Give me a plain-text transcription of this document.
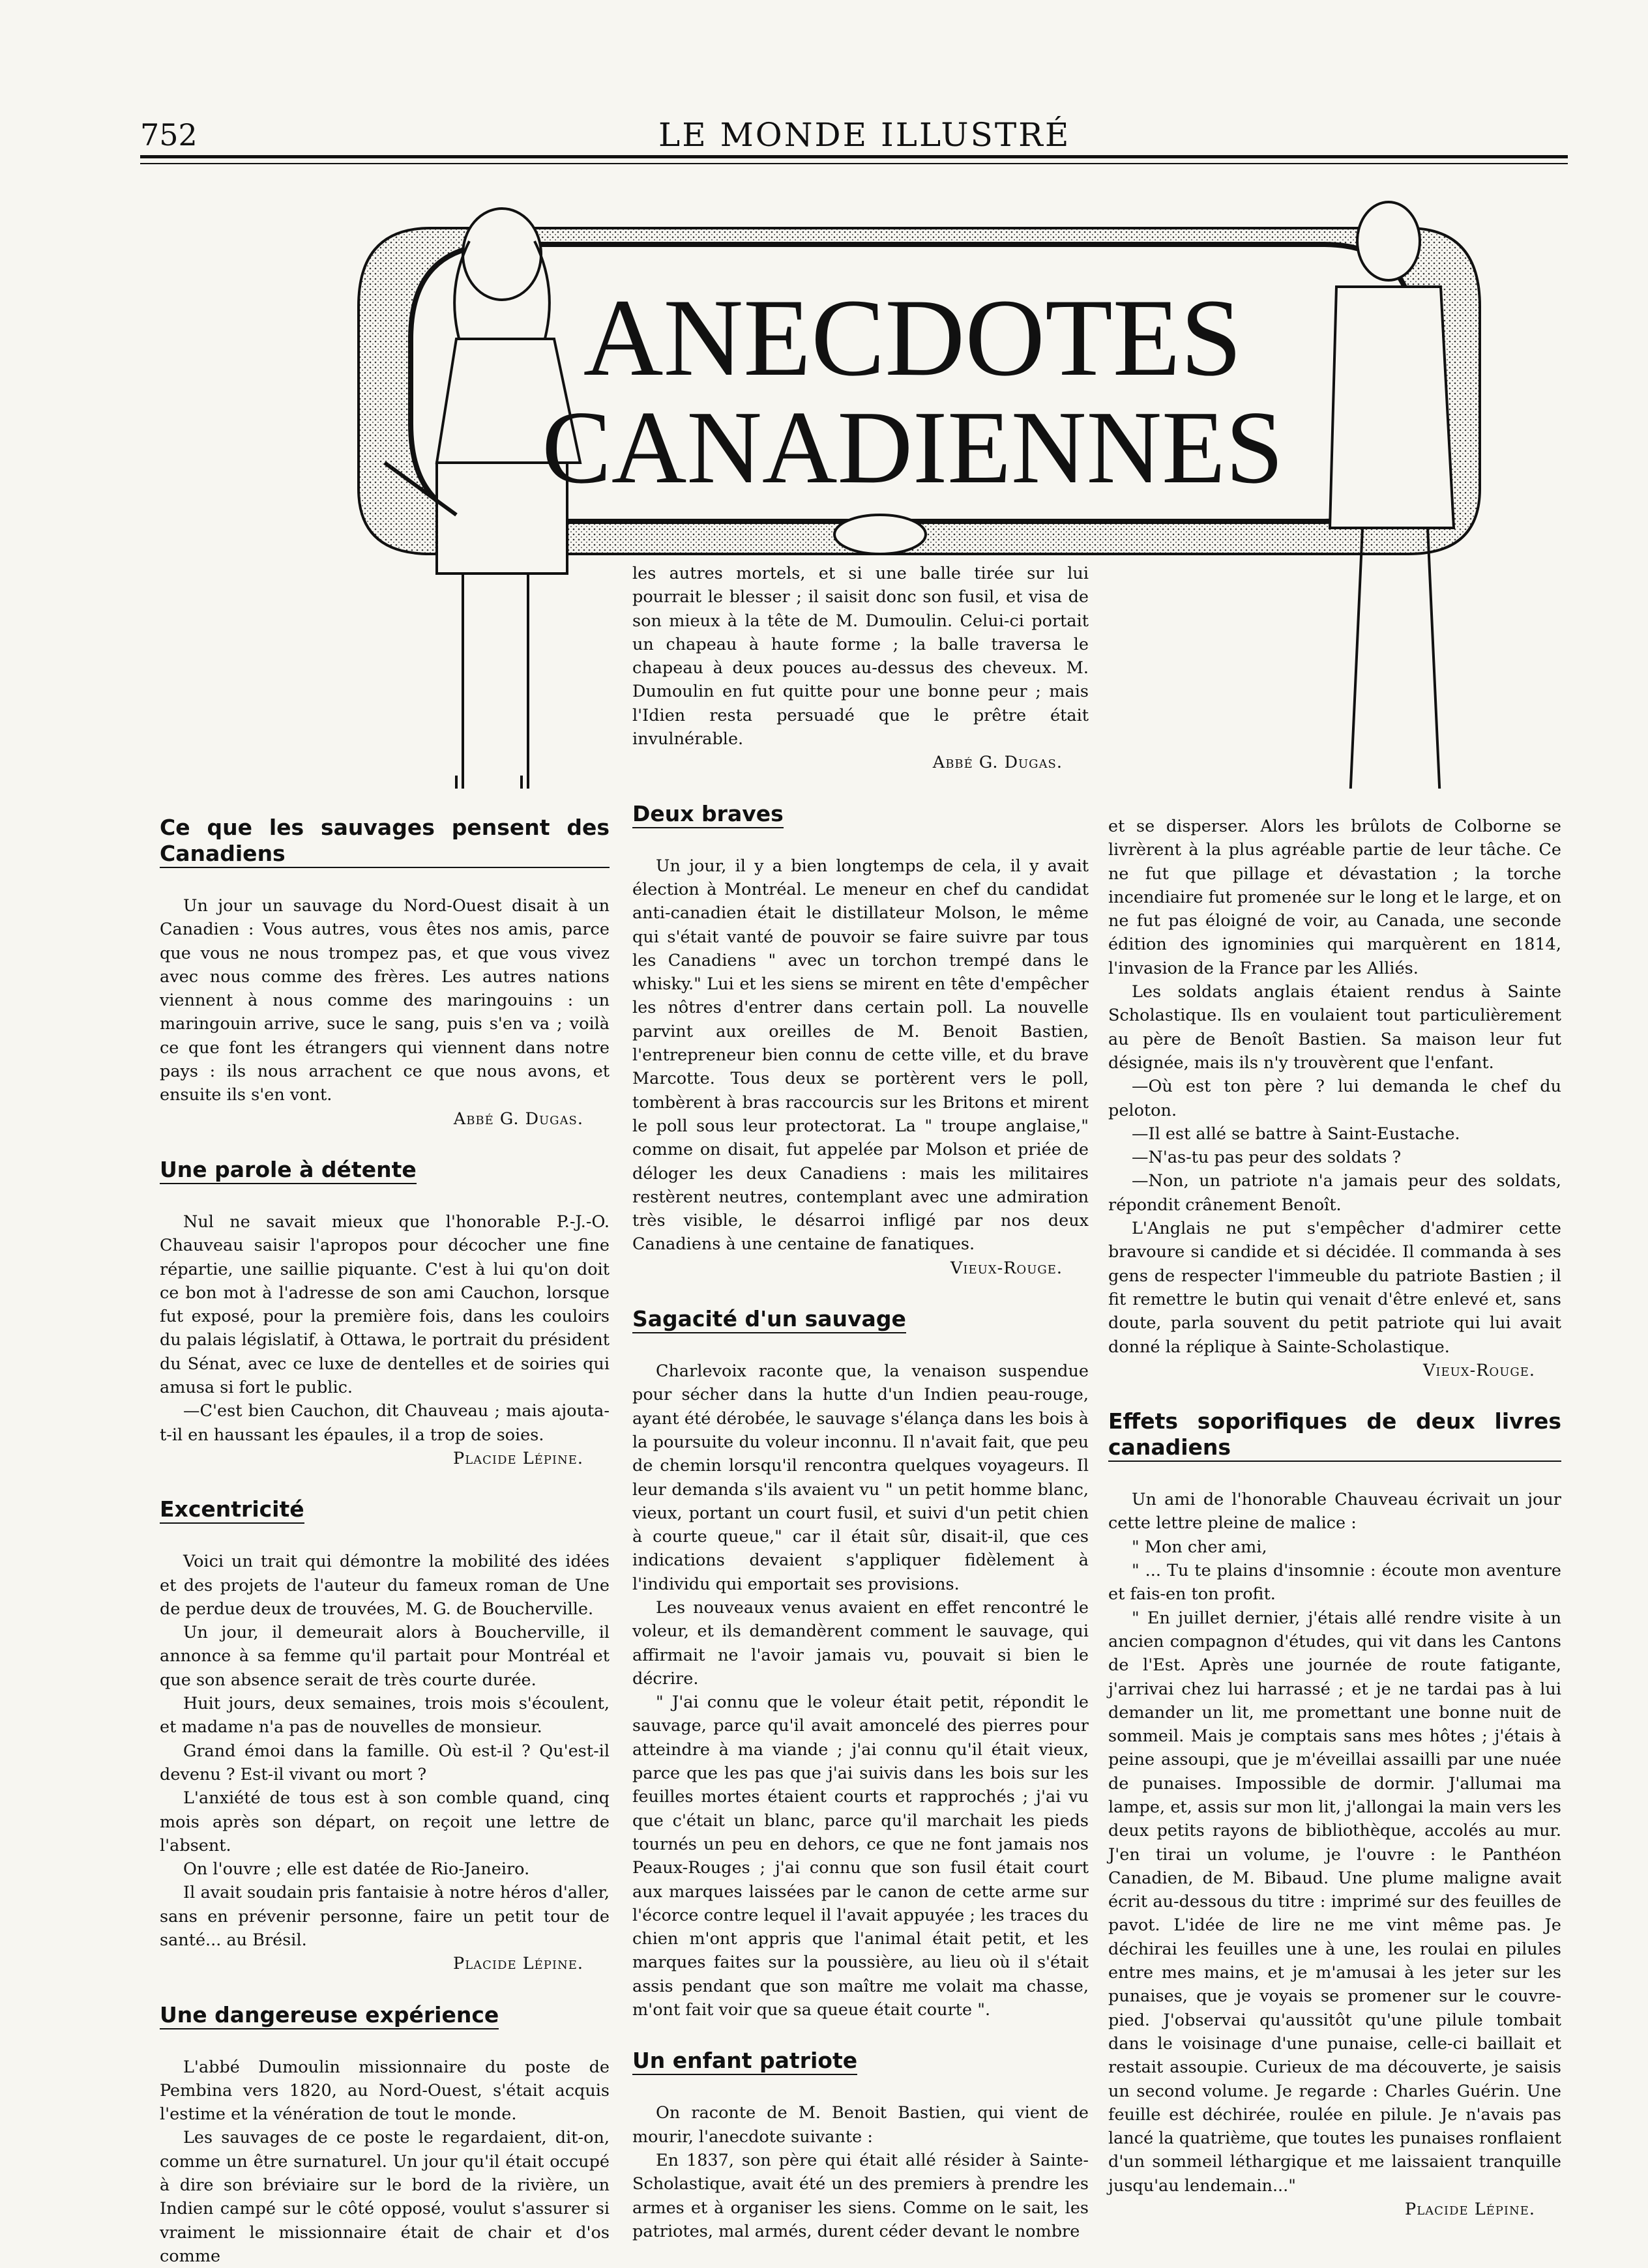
752	LE MONDE ILLUSTRÉ
ANECDOTES
CANADIENNES
Ce que les sauvages pensent des Canadiens

Un jour un sauvage du Nord-Ouest disait à un Canadien : Vous autres, vous êtes nos amis, parce que vous ne nous trompez pas, et que vous vivez avec nous comme des frères. Les autres nations viennent à nous comme des maringouins : un maringouin arrive, suce le sang, puis s'en va ; voilà ce que font les étrangers qui viennent dans notre pays : ils nous arrachent ce que nous avons, et ensuite ils s'en vont.

Abbé G. Dugas.

Une parole à détente

Nul ne savait mieux que l'honorable P.-J.-O. Chauveau saisir l'apropos pour décocher une fine répartie, une saillie piquante. C'est à lui qu'on doit ce bon mot à l'adresse de son ami Cauchon, lorsque fut exposé, pour la première fois, dans les couloirs du palais législatif, à Ottawa, le portrait du président du Sénat, avec ce luxe de dentelles et de soiries qui amusa si fort le public.

—C'est bien Cauchon, dit Chauveau ; mais ajouta-t-il en haussant les épaules, il a trop de soies.

Placide Lépine.

Excentricité

Voici un trait qui démontre la mobilité des idées et des projets de l'auteur du fameux roman de Une de perdue deux de trouvées, M. G. de Boucherville.

Un jour, il demeurait alors à Boucherville, il annonce à sa femme qu'il partait pour Montréal et que son absence serait de très courte durée.

Huit jours, deux semaines, trois mois s'écoulent, et madame n'a pas de nouvelles de monsieur.

Grand émoi dans la famille. Où est-il ? Qu'est-il devenu ? Est-il vivant ou mort ?

L'anxiété de tous est à son comble quand, cinq mois après son départ, on reçoit une lettre de l'absent.

On l'ouvre ; elle est datée de Rio-Janeiro.

Il avait soudain pris fantaisie à notre héros d'aller, sans en prévenir personne, faire un petit tour de santé... au Brésil.

Placide Lépine.

Une dangereuse expérience

L'abbé Dumoulin missionnaire du poste de Pembina vers 1820, au Nord-Ouest, s'était acquis l'estime et la vénération de tout le monde.

Les sauvages de ce poste le regardaient, dit-on, comme un être surnaturel. Un jour qu'il était occupé à dire son bréviaire sur le bord de la rivière, un Indien campé sur le côté opposé, voulut s'assurer si vraiment le missionnaire était de chair et d'os comme

les autres mortels, et si une balle tirée sur lui pourrait le blesser ; il saisit donc son fusil, et visa de son mieux à la tête de M. Dumoulin. Celui-ci portait un chapeau à haute forme ; la balle traversa le chapeau à deux pouces au-dessus des cheveux. M. Dumoulin en fut quitte pour une bonne peur ; mais l'Idien resta persuadé que le prêtre était invulnérable.

Abbé G. Dugas.

Deux braves

Un jour, il y a bien longtemps de cela, il y avait élection à Montréal. Le meneur en chef du candidat anti-canadien était le distillateur Molson, le même qui s'était vanté de pouvoir se faire suivre par tous les Canadiens " avec un torchon trempé dans le whisky." Lui et les siens se mirent en tête d'empêcher les nôtres d'entrer dans certain poll. La nouvelle parvint aux oreilles de M. Benoit Bastien, l'entrepreneur bien connu de cette ville, et du brave Marcotte. Tous deux se portèrent vers le poll, tombèrent à bras raccourcis sur les Britons et mirent le poll sous leur protectorat. La " troupe anglaise," comme on disait, fut appelée par Molson et priée de déloger les deux Canadiens : mais les militaires restèrent neutres, contemplant avec une admiration très visible, le désarroi infligé par nos deux Canadiens à une centaine de fanatiques.

Vieux-Rouge.

Sagacité d'un sauvage

Charlevoix raconte que, la venaison suspendue pour sécher dans la hutte d'un Indien peau-rouge, ayant été dérobée, le sauvage s'élança dans les bois à la poursuite du voleur inconnu. Il n'avait fait, que peu de chemin lorsqu'il rencontra quelques voyageurs. Il leur demanda s'ils avaient vu " un petit homme blanc, vieux, portant un court fusil, et suivi d'un petit chien à courte queue," car il était sûr, disait-il, que ces indications devaient s'appliquer fidèlement à l'individu qui emportait ses provisions.

Les nouveaux venus avaient en effet rencontré le voleur, et ils demandèrent comment le sauvage, qui affirmait ne l'avoir jamais vu, pouvait si bien le décrire.

" J'ai connu que le voleur était petit, répondit le sauvage, parce qu'il avait amoncelé des pierres pour atteindre à ma viande ; j'ai connu qu'il était vieux, parce que les pas que j'ai suivis dans les bois sur les feuilles mortes étaient courts et rapprochés ; j'ai vu que c'était un blanc, parce qu'il marchait les pieds tournés un peu en dehors, ce que ne font jamais nos Peaux-Rouges ; j'ai connu que son fusil était court aux marques laissées par le canon de cette arme sur l'écorce contre lequel il l'avait appuyée ; les traces du chien m'ont appris que l'animal était petit, et les marques faites sur la poussière, au lieu où il s'était assis pendant que son maître me volait ma chasse, m'ont fait voir que sa queue était courte ".

Un enfant patriote

On raconte de M. Benoit Bastien, qui vient de mourir, l'anecdote suivante :

En 1837, son père qui était allé résider à Sainte-Scholastique, avait été un des premiers à prendre les armes et à organiser les siens. Comme on le sait, les patriotes, mal armés, durent céder devant le nombre

et se disperser. Alors les brûlots de Colborne se livrèrent à la plus agréable partie de leur tâche. Ce ne fut que pillage et dévastation ; la torche incendiaire fut promenée sur le long et le large, et on ne fut pas éloigné de voir, au Canada, une seconde édition des ignominies qui marquèrent en 1814, l'invasion de la France par les Alliés.

Les soldats anglais étaient rendus à Sainte Scholastique. Ils en voulaient tout particulièrement au père de Benoît Bastien. Sa maison leur fut désignée, mais ils n'y trouvèrent que l'enfant.

—Où est ton père ? lui demanda le chef du peloton.

—Il est allé se battre à Saint-Eustache.

—N'as-tu pas peur des soldats ?

—Non, un patriote n'a jamais peur des soldats, répondit crânement Benoît.

L'Anglais ne put s'empêcher d'admirer cette bravoure si candide et si décidée. Il commanda à ses gens de respecter l'immeuble du patriote Bastien ; il fit remettre le butin qui venait d'être enlevé et, sans doute, parla souvent du petit patriote qui lui avait donné la réplique à Sainte-Scholastique.

Vieux-Rouge.

Effets soporifiques de deux livres canadiens

Un ami de l'honorable Chauveau écrivait un jour cette lettre pleine de malice :

" Mon cher ami,

" ... Tu te plains d'insomnie : écoute mon aventure et fais-en ton profit.

" En juillet dernier, j'étais allé rendre visite à un ancien compagnon d'études, qui vit dans les Cantons de l'Est. Après une journée de route fatigante, j'arrivai chez lui harrassé ; et je ne tardai pas à lui demander un lit, me promettant une bonne nuit de sommeil. Mais je comptais sans mes hôtes ; j'étais à peine assoupi, que je m'éveillai assailli par une nuée de punaises. Impossible de dormir. J'allumai ma lampe, et, assis sur mon lit, j'allongai la main vers les deux petits rayons de bibliothèque, accolés au mur. J'en tirai un volume, je l'ouvre : le Panthéon Canadien, de M. Bibaud. Une plume maligne avait écrit au-dessous du titre : imprimé sur des feuilles de pavot. L'idée de lire ne me vint même pas. Je déchirai les feuilles une à une, les roulai en pilules entre mes mains, et je m'amusai à les jeter sur les punaises, que je voyais se promener sur le couvre-pied. J'observai qu'aussitôt qu'une pilule tombait dans le voisinage d'une punaise, celle-ci baillait et restait assoupie. Curieux de ma découverte, je saisis un second volume. Je regarde : Charles Guérin. Une feuille est déchirée, roulée en pilule. Je n'avais pas lancé la quatrième, que toutes les punaises ronflaient d'un sommeil léthargique et me laissaient tranquille jusqu'au lendemain..."

Placide Lépine.
